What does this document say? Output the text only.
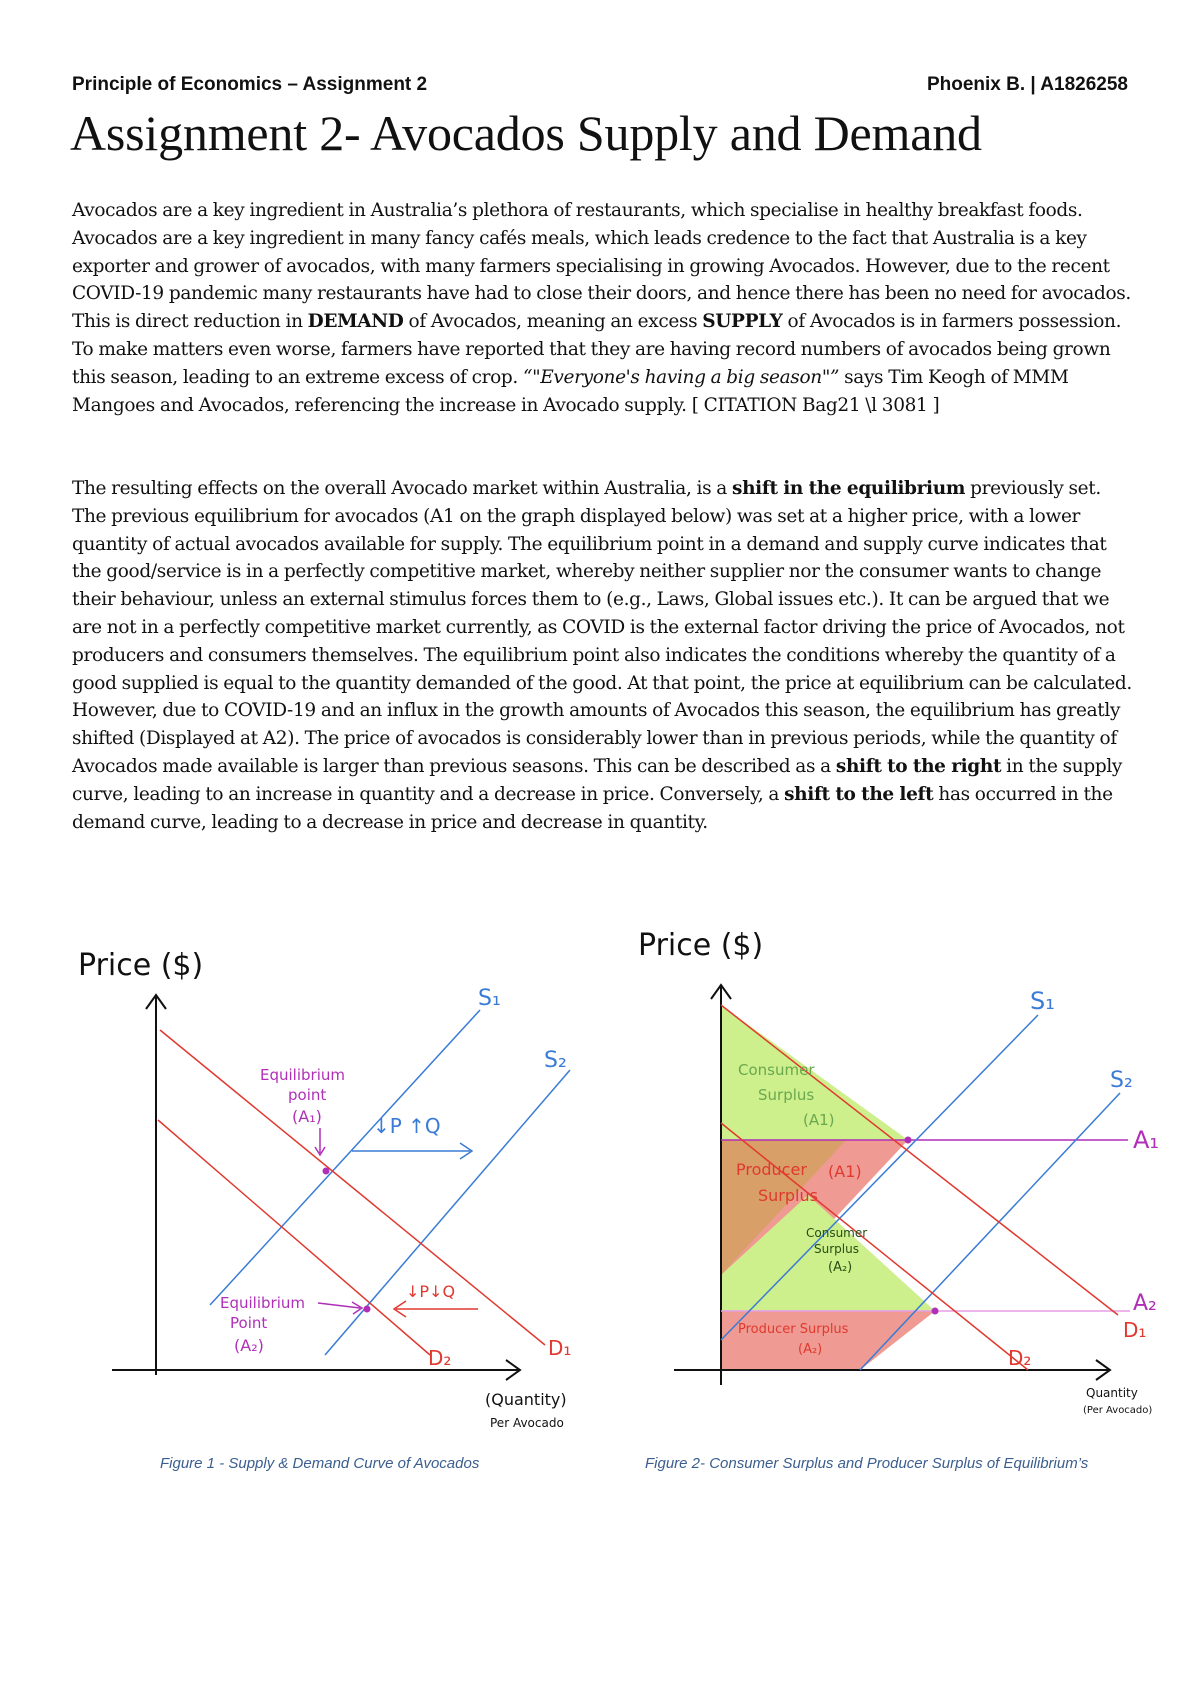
Principle of Economics – Assignment 2	Phoenix B. | A1826258
Assignment 2- Avocados Supply and Demand
Avocados are a key ingredient in Australia’s plethora of restaurants, which specialise in healthy breakfast foods. Avocados are a key ingredient in many fancy cafés meals, which leads credence to the fact that Australia is a key exporter and grower of avocados, with many farmers specialising in growing Avocados. However, due to the recent COVID-19 pandemic many restaurants have had to close their doors, and hence there has been no need for avocados. This is direct reduction in DEMAND of Avocados, meaning an excess SUPPLY of Avocados is in farmers possession. To make matters even worse, farmers have reported that they are having record numbers of avocados being grown this season, leading to an extreme excess of crop. “"Everyone's having a big season"” says Tim Keogh of MMM Mangoes and Avocados, referencing the increase in Avocado supply. [ CITATION Bag21 \l 3081 ]
The resulting effects on the overall Avocado market within Australia, is a shift in the equilibrium previously set. The previous equilibrium for avocados (A1 on the graph displayed below) was set at a higher price, with a lower quantity of actual avocados available for supply. The equilibrium point in a demand and supply curve indicates that the good/service is in a perfectly competitive market, whereby neither supplier nor the consumer wants to change their behaviour, unless an external stimulus forces them to (e.g., Laws, Global issues etc.). It can be argued that we are not in a perfectly competitive market currently, as COVID is the external factor driving the price of Avocados, not producers and consumers themselves. The equilibrium point also indicates the conditions whereby the quantity of a good supplied is equal to the quantity demanded of the good. At that point, the price at equilibrium can be calculated. However, due to COVID-19 and an influx in the growth amounts of Avocados this season, the equilibrium has greatly shifted (Displayed at A2). The price of avocados is considerably lower than in previous periods, while the quantity of Avocados made available is larger than previous seasons. This can be described as a shift to the right in the supply curve, leading to an increase in quantity and a decrease in price. Conversely, a shift to the left has occurred in the demand curve, leading to a decrease in price and decrease in quantity.
Price ($)
(Quantity)
Per Avocado
S₁
S₂
D₁
D₂
Equilibrium
point
(A₁)
Equilibrium
Point
(A₂)
↓P ↑Q
↓P↓Q
Price ($)
Quantity
(Per Avocado)
A₁
A₂
S₁
S₂
D₁
D₂
Consumer
Surplus
(A1)
Producer (A1)
Surplus
Consumer
Surplus
(A₂)
Producer Surplus
(A₂)
Figure 1 - Supply & Demand Curve of Avocados	Figure 2- Consumer Surplus and Producer Surplus of Equilibrium’s
